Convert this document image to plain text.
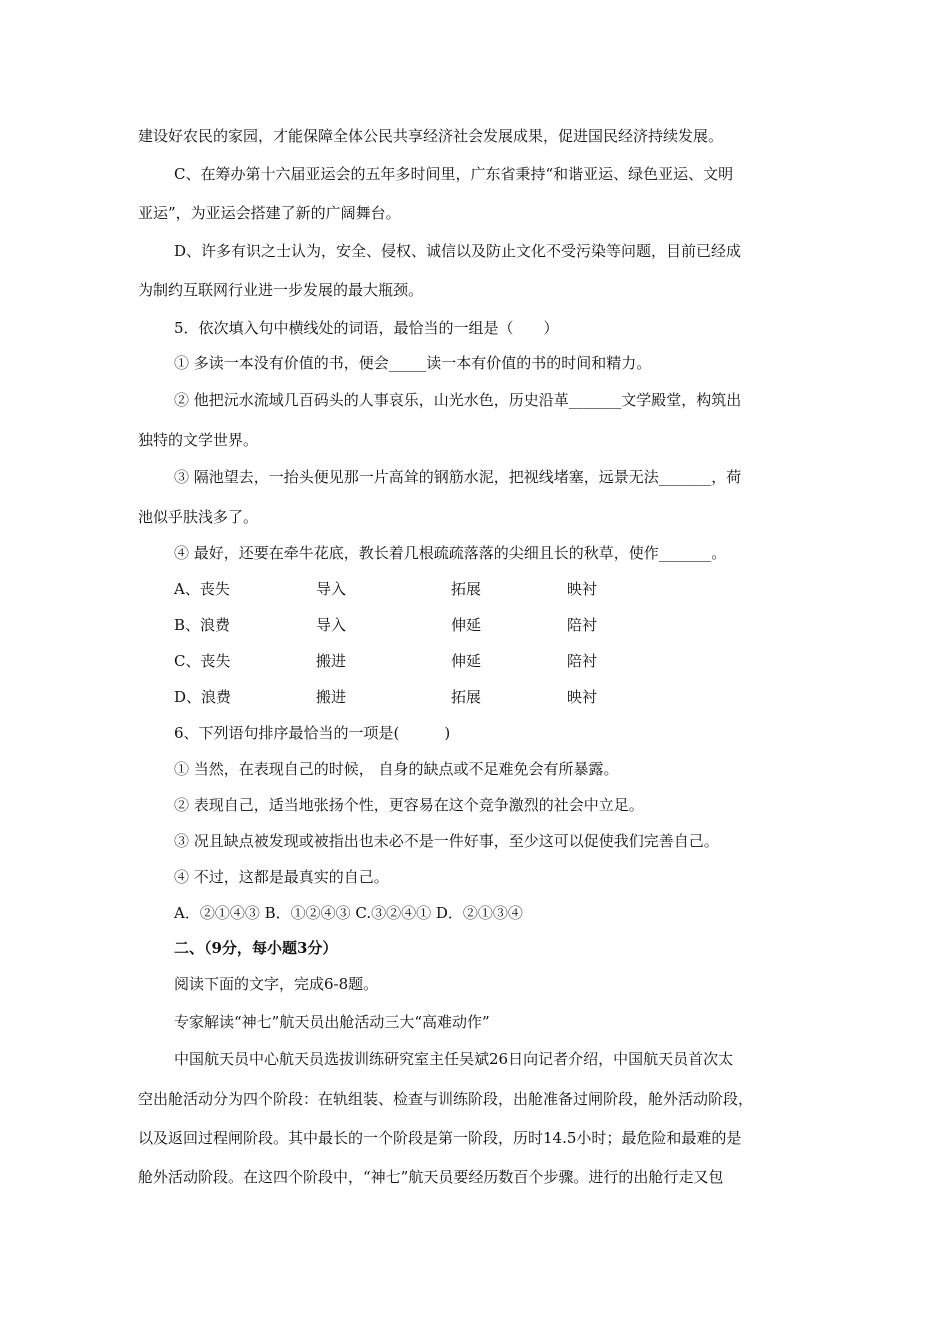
建设好农民的家园，才能保障全体公民共享经济社会发展成果，促进国民经济持续发展。
C、在筹办第十六届亚运会的五年多时间里，广东省秉持“和谐亚运、绿色亚运、文明
亚运”，为亚运会搭建了新的广阔舞台。
D、许多有识之士认为，安全、侵权、诚信以及防止文化不受污染等问题，目前已经成
为制约互联网行业进一步发展的最大瓶颈。
5．依次填入句中横线处的词语，最恰当的一组是（　　）
① 多读一本没有价值的书，便会_____读一本有价值的书的时间和精力。
② 他把沅水流域几百码头的人事哀乐，山光水色，历史沿革_______文学殿堂，构筑出
独特的文学世界。
③ 隔池望去，一抬头便见那一片高耸的钢筋水泥，把视线堵塞，远景无法_______，荷
池似乎肤浅多了。
④ 最好，还要在牵牛花底，教长着几根疏疏落落的尖细且长的秋草，使作_______。
A、丧失	导入	拓展	映衬
B、浪费	导入	伸延	陪衬
C、丧失	搬进	伸延	陪衬
D、浪费	搬进	拓展	映衬
6、下列语句排序最恰当的一项是(　　　)
① 当然，在表现自己的时候， 自身的缺点或不足难免会有所暴露。
② 表现自己，适当地张扬个性，更容易在这个竞争激烈的社会中立足。
③ 况且缺点被发现或被指出也未必不是一件好事，至少这可以促使我们完善自己。
④ 不过，这都是最真实的自己。
A．②①④③ B．①②④③ C.③②④① D．②①③④
二、（9分，每小题3分）
阅读下面的文字，完成6-8题。
专家解读“神七”航天员出舱活动三大“高难动作”
中国航天员中心航天员选拔训练研究室主任吴斌26日向记者介绍，中国航天员首次太
空出舱活动分为四个阶段：在轨组装、检查与训练阶段，出舱准备过闸阶段，舱外活动阶段，
以及返回过程闸阶段。其中最长的一个阶段是第一阶段，历时14.5小时；最危险和最难的是
舱外活动阶段。在这四个阶段中，“神七”航天员要经历数百个步骤。进行的出舱行走又包
